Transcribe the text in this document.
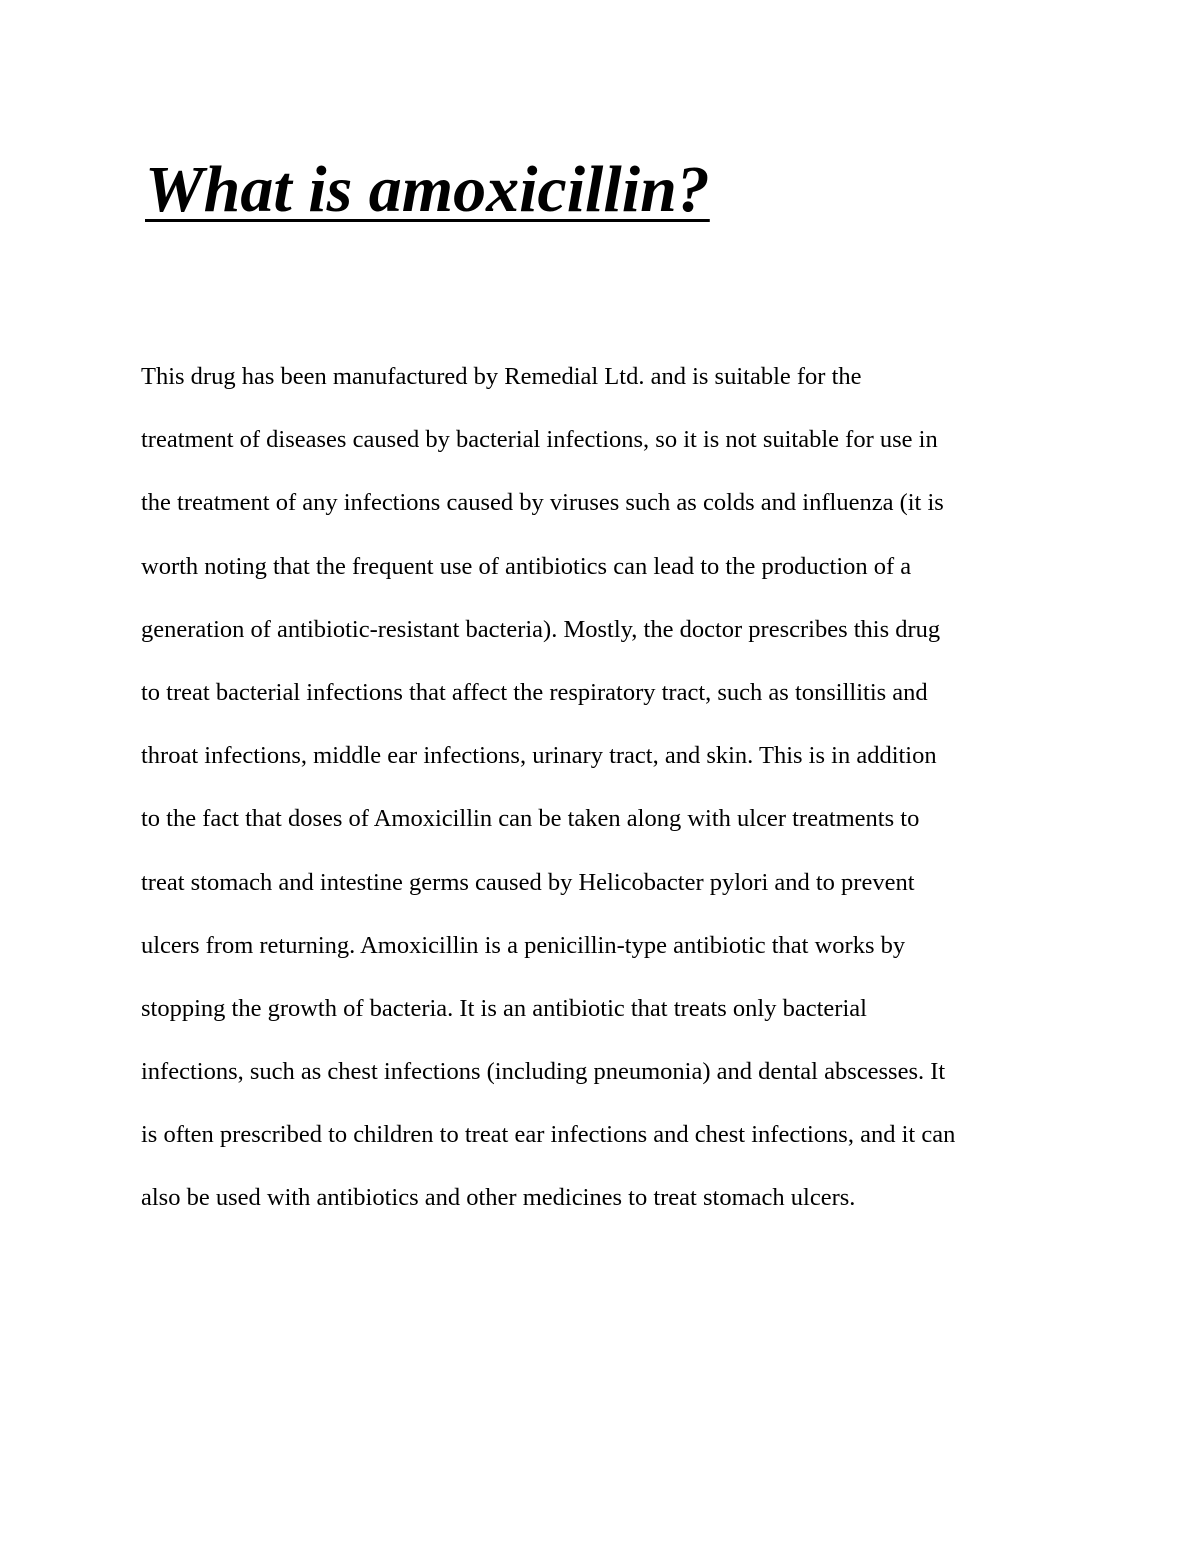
What is amoxicillin?
This drug has been manufactured by Remedial Ltd. and is suitable for the
treatment of diseases caused by bacterial infections, so it is not suitable for use in
the treatment of any infections caused by viruses such as colds and influenza (it is
worth noting that the frequent use of antibiotics can lead to the production of a
generation of antibiotic-resistant bacteria). Mostly, the doctor prescribes this drug
to treat bacterial infections that affect the respiratory tract, such as tonsillitis and
throat infections, middle ear infections, urinary tract, and skin. This is in addition
to the fact that doses of Amoxicillin can be taken along with ulcer treatments to
treat stomach and intestine germs caused by Helicobacter pylori and to prevent
ulcers from returning. Amoxicillin is a penicillin-type antibiotic that works by
stopping the growth of bacteria. It is an antibiotic that treats only bacterial
infections, such as chest infections (including pneumonia) and dental abscesses. It
is often prescribed to children to treat ear infections and chest infections, and it can
also be used with antibiotics and other medicines to treat stomach ulcers.
